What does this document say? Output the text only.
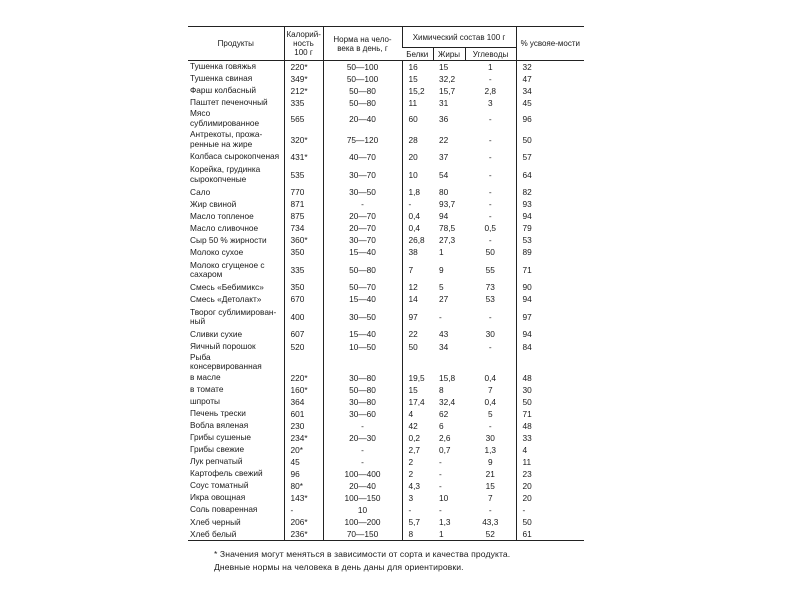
Продукты	Калорий-ность 100 г	Норма на чело-века в день, г	Химический состав 100 г			% усвояе-мости
			Белки	Жиры	Углеводы	
Тушенка говяжья	220*	50—100	16	15	1	32
Тушенка свиная	349*	50—100	15	32,2	-	47
Фарш колбасный	212*	50—80	15,2	15,7	2,8	34
Паштет печеночный	335	50—80	11	31	3	45
Мясо сублимированное	565	20—40	60	36	-	96
Антрекоты, прожа-ренные на жире	320*	75—120	28	22	-	50
Колбаса сырокопченая	431*	40—70	20	37	-	57
Корейка, грудинка сырокопченые	535	30—70	10	54	-	64
Сало	770	30—50	1,8	80	-	82
Жир свиной	871	-	-	93,7	-	93
Масло топленое	875	20—70	0,4	94	-	94
Масло сливочное	734	20—70	0,4	78,5	0,5	79
Сыр 50 % жирности	360*	30—70	26,8	27,3	-	53
Молоко сухое	350	15—40	38	1	50	89
Молоко сгущеное с сахаром	335	50—80	7	9	55	71
Смесь «Бебимикс»	350	50—70	12	5	73	90
Смесь «Детолакт»	670	15—40	14	27	53	94
Творог сублимирован-ный	400	30—50	97	-	-	97
Сливки сухие	607	15—40	22	43	30	94
Яичный порошок	520	10—50	50	34	-	84
Рыба консервированная						
в масле	220*	30—80	19,5	15,8	0,4	48
в томате	160*	50—80	15	8	7	30
шпроты	364	30—80	17,4	32,4	0,4	50
Печень трески	601	30—60	4	62	5	71
Вобла вяленая	230	-	42	6	-	48
Грибы сушеные	234*	20—30	0,2	2,6	30	33
Грибы свежие	20*	-	2,7	0,7	1,3	4
Лук репчатый	45	-	2	-	9	11
Картофель свежий	96	100—400	2	-	21	23
Соус томатный	80*	20—40	4,3	-	15	20
Икра овощная	143*	100—150	3	10	7	20
Соль поваренная	-	10	-	-	-	-
Хлеб черный	206*	100—200	5,7	1,3	43,3	50
Хлеб белый	236*	70—150	8	1	52	61

* Значения могут меняться в зависимости от сорта и качества продукта.

Дневные нормы на человека в день даны для ориентировки.
